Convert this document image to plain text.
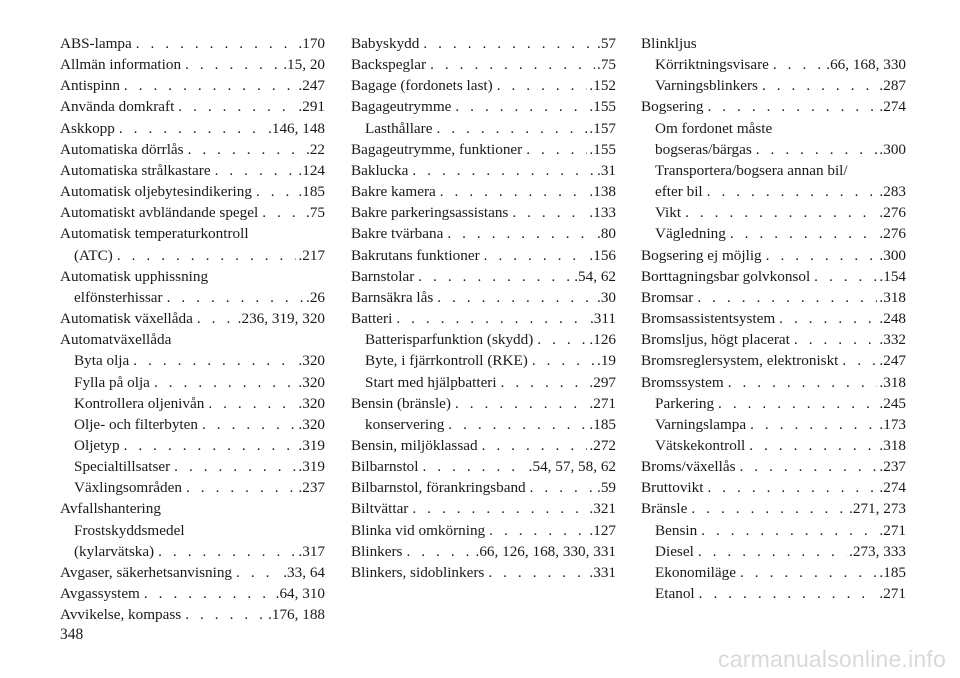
ABS-lampa . . .	.170
Allmän information . . .	.15, 20
Antispinn . . .	.247
Använda domkraft . . .	.291
Askkopp . . .	.146, 148
Automatiska dörrlås . . .	.22
Automatiska strålkastare . . .	.124
Automatisk oljebytesindikering . . .	.185
Automatiskt avbländande spegel . . .	.75
Automatisk temperaturkontroll
(ATC) . . .	.217
Automatisk upphissning
elfönsterhissar . . .	.26
Automatisk växellåda . . .	.236, 319, 320
Automatväxellåda
Byta olja . . .	.320
Fylla på olja . . .	.320
Kontrollera oljenivån . . .	.320
Olje- och filterbyten . . .	.320
Oljetyp . . .	.319
Specialtillsatser . . .	.319
Växlingsområden . . .	.237
Avfallshantering
Frostskyddsmedel
(kylarvätska) . . .	.317
Avgaser, säkerhetsanvisning . . .	.33, 64
Avgassystem . . .	.64, 310
Avvikelse, kompass . . .	.176, 188
Babyskydd . . .	.57
Backspeglar . . .	.75
Bagage (fordonets last) . . .	.152
Bagageutrymme . . .	.155
Lasthållare . . .	.157
Bagageutrymme, funktioner . . .	.155
Baklucka . . .	.31
Bakre kamera . . .	.138
Bakre parkeringsassistans . . .	.133
Bakre tvärbana . . .	.80
Bakrutans funktioner . . .	.156
Barnstolar . . .	.54, 62
Barnsäkra lås . . .	.30
Batteri . . .	.311
Batterisparfunktion (skydd) . . .	.126
Byte, i fjärrkontroll (RKE) . . .	.19
Start med hjälpbatteri . . .	.297
Bensin (bränsle) . . .	.271
konservering . . .	.185
Bensin, miljöklassad . . .	.272
Bilbarnstol . . .	.54, 57, 58, 62
Bilbarnstol, förankringsband . . .	.59
Biltvättar . . .	.321
Blinka vid omkörning . . .	.127
Blinkers . . .	.66, 126, 168, 330, 331
Blinkers, sidoblinkers . . .	.331
Blinkljus
Körriktningsvisare . . .	.66, 168, 330
Varningsblinkers . . .	.287
Bogsering . . .	.274
Om fordonet måste
bogseras/bärgas . . .	.300
Transportera/bogsera annan bil/
efter bil . . .	.283
Vikt . . .	.276
Vägledning . . .	.276
Bogsering ej möjlig . . .	.300
Borttagningsbar golvkonsol . . .	.154
Bromsar . . .	.318
Bromsassistentsystem . . .	.248
Bromsljus, högt placerat . . .	.332
Bromsreglersystem, elektroniskt . . .	.247
Bromssystem . . .	.318
Parkering . . .	.245
Varningslampa . . .	.173
Vätskekontroll . . .	.318
Broms/växellås . . .	.237
Bruttovikt . . .	.274
Bränsle . . .	.271, 273
Bensin . . .	.271
Diesel . . .	.273, 333
Ekonomiläge . . .	.185
Etanol . . .	.271
348
carmanualsonline.info
